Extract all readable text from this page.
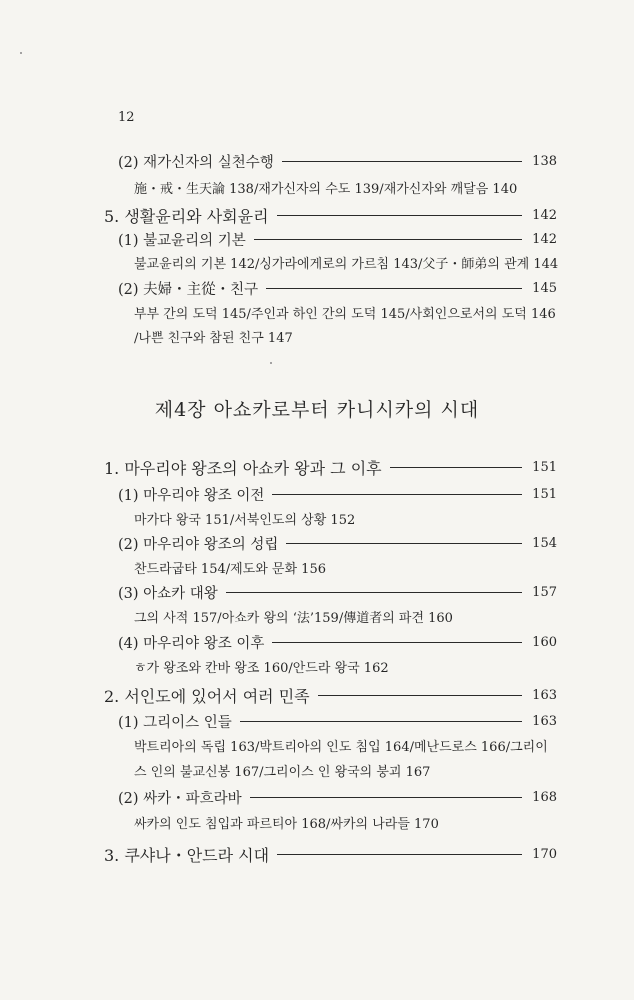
12
(2) 재가신자의 실천수행	138
施・戒・生天論 138/재가신자의 수도 139/재가신자와 깨달음 140
5. 생활윤리와 사회윤리	142
(1) 불교윤리의 기본	142
불교윤리의 기본 142/싱가라에게로의 가르침 143/父子・師弟의 관계 144
(2) 夫婦・主從・친구	145
부부 간의 도덕 145/주인과 하인 간의 도덕 145/사회인으로서의 도덕 146
/나쁜 친구와 참된 친구 147
제4장 아쇼카로부터 카니시카의 시대
1. 마우리야 왕조의 아쇼카 왕과 그 이후	151
(1) 마우리야 왕조 이전	151
마가다 왕국 151/서북인도의 상황 152
(2) 마우리야 왕조의 성립	154
찬드라굽타 154/제도와 문화 156
(3) 아쇼카 대왕	157
그의 사적 157/아쇼카 왕의 ‘法’159/傳道者의 파견 160
(4) 마우리야 왕조 이후	160
ㅎ가 왕조와 칸바 왕조 160/안드라 왕국 162
2. 서인도에 있어서 여러 민족	163
(1) 그리이스 인들	163
박트리아의 독립 163/박트리아의 인도 침입 164/메난드로스 166/그리이
스 인의 불교신봉 167/그리이스 인 왕국의 붕괴 167
(2) 싸카・파흐라바	168
싸카의 인도 침입과 파르티아 168/싸카의 나라들 170
3. 쿠샤나・안드라 시대	170
